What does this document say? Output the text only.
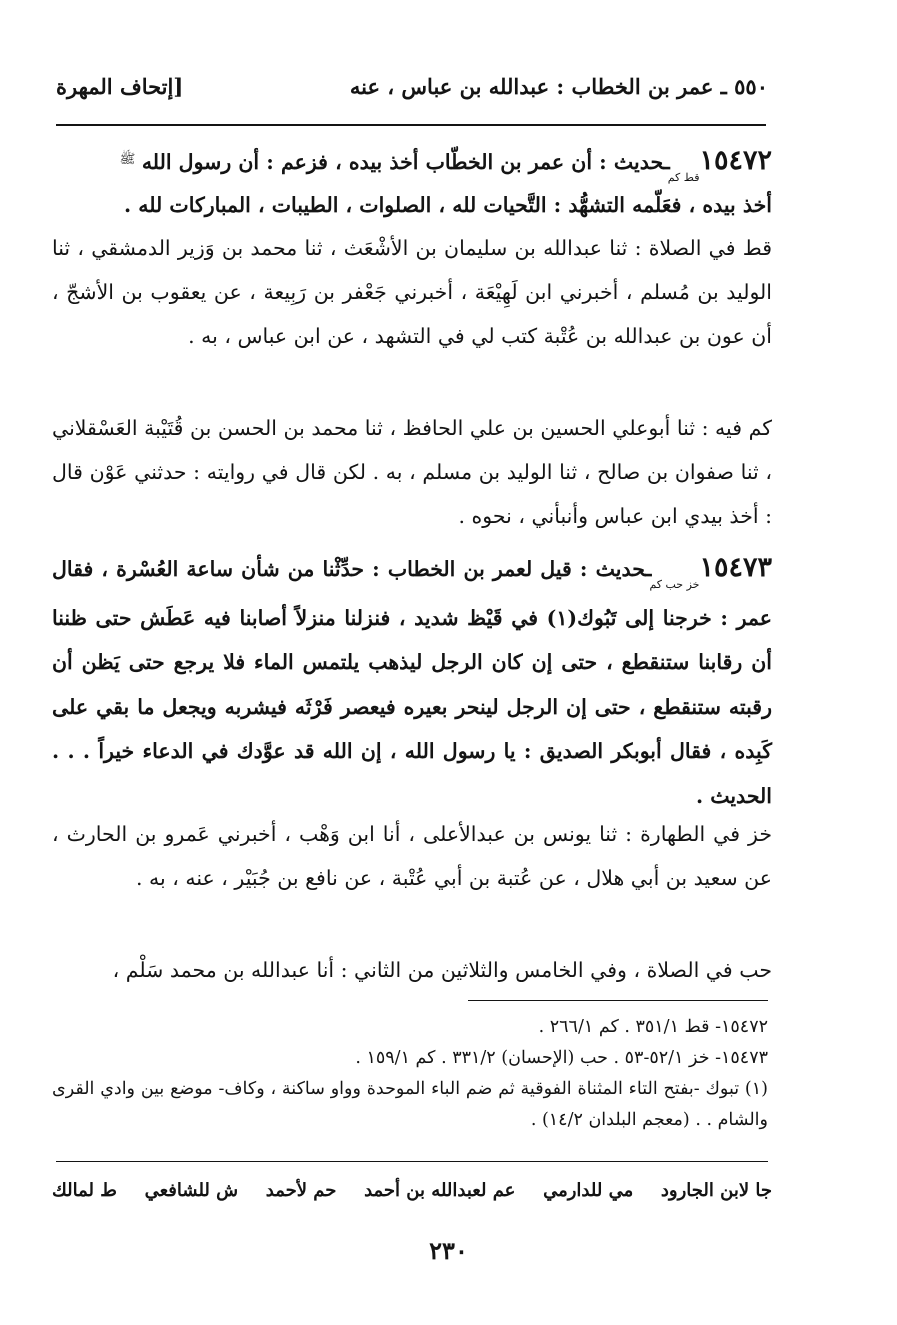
٥٥٠ ـ عمر بن الخطاب : عبدالله بن عباس ، عنه
[إتحاف المهرة

١٥٤٧٢قط كمـحديث : أن عمر بن الخطّاب أخذ بيده ، فزعم : أن رسول الله $^ﷺ$

أخذ بيده ، فعَلّمه التشهُّد : التَّحيات لله ، الصلوات ، الطيبات ، المباركات لله .

قط في الصلاة : ثنا عبدالله بن سليمان بن الأشْعَث ، ثنا محمد بن وَزير الدمشقي ، ثنا الوليد بن مُسلم ، أخبرني ابن لَهِيْعَة ، أخبرني جَعْفر بن رَبِيعة ، عن يعقوب بن الأشجّ ، أن عون بن عبدالله بن عُتْبة كتب لي في التشهد ، عن ابن عباس ، به .

كم فيه : ثنا أبوعلي الحسين بن علي الحافظ ، ثنا محمد بن الحسن بن قُتَيْبة العَسْقلاني ، ثنا صفوان بن صالح ، ثنا الوليد بن مسلم ، به . لكن قال في روايته : حدثني عَوْن قال : أخذ بيدي ابن عباس وأنبأني ، نحوه .

١٥٤٧٣خز حب كمـحديث : قيل لعمر بن الخطاب : حدِّثْنا من شأن ساعة العُسْرة ، فقال عمر : خرجنا إلى تَبُوك(١) في قَيْظ شديد ، فنزلنا منزلاً أصابنا فيه عَطَش حتى ظننا أن رقابنا ستنقطع ، حتى إن كان الرجل ليذهب يلتمس الماء فلا يرجع حتى يَظن أن رقبته ستنقطع ، حتى إن الرجل لينحر بعيره فيعصر فَرْثَه فيشربه ويجعل ما بقي على كَبِده ، فقال أبوبكر الصديق : يا رسول الله ، إن الله قد عوَّدك في الدعاء خيراً . . . الحديث .

خز في الطهارة : ثنا يونس بن عبدالأعلى ، أنا ابن وَهْب ، أخبرني عَمرو بن الحارث ، عن سعيد بن أبي هلال ، عن عُتبة بن أبي عُتْبة ، عن نافع بن جُبَيْر ، عنه ، به .

حب في الصلاة ، وفي الخامس والثلاثين من الثاني : أنا عبدالله بن محمد سَلْم ،

١٥٤٧٢- قط ٣٥١/١ . كم ٢٦٦/١ .

١٥٤٧٣- خز ٥٢/١-٥٣ . حب (الإحسان) ٣٣١/٢ . كم ١٥٩/١ .

(١) تبوك -بفتح التاء المثناة الفوقية ثم ضم الباء الموحدة وواو ساكنة ، وكاف- موضع بين وادي القرى والشام . . (معجم البلدان ١٤/٢) .

ط لمالك ش للشافعي حم لأحمد عم لعبدالله بن أحمد مي للدارمي جا لابن الجارود
٢٣٠
